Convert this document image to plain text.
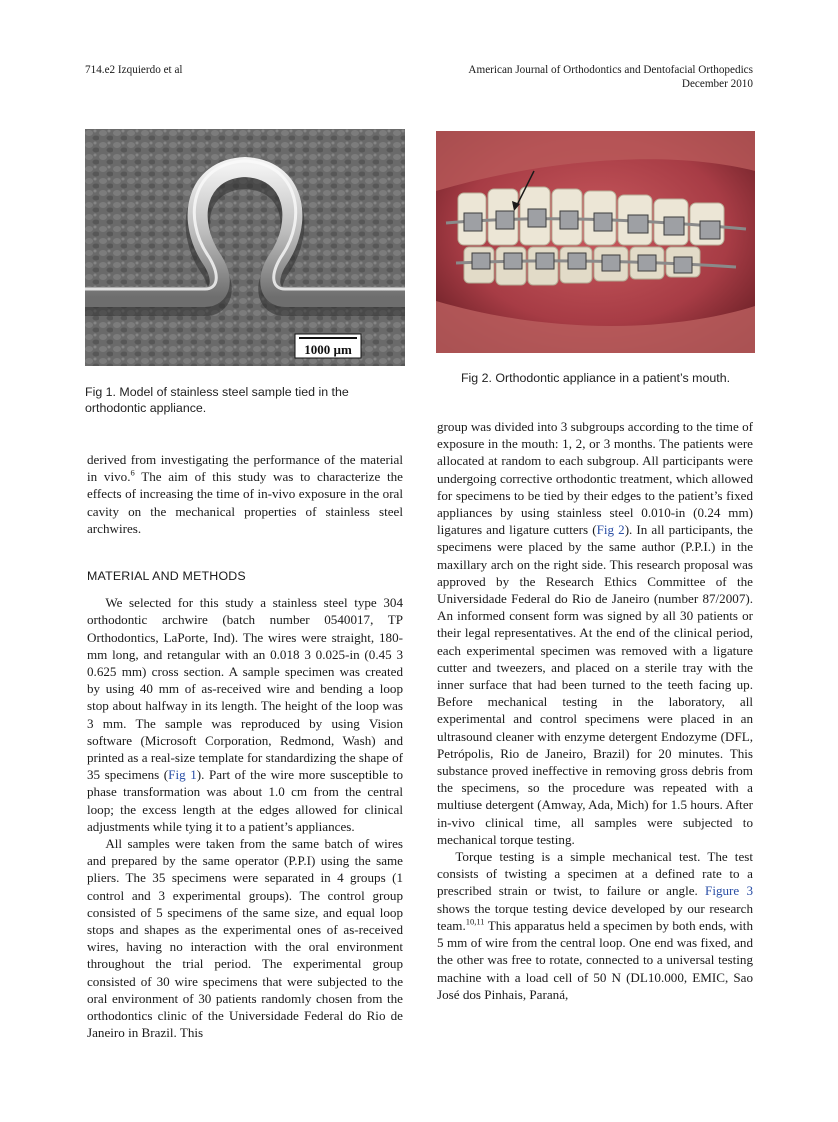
714.e2 Izquierdo et al	American Journal of Orthodontics and Dentofacial Orthopedics
December 2010
1000 µm
Fig 1. Model of stainless steel sample tied in the orthodontic appliance.
Fig 2. Orthodontic appliance in a patient’s mouth.

derived from investigating the performance of the material in vivo.$^6$ The aim of this study was to characterize the effects of increasing the time of in-vivo exposure in the oral cavity on the mechanical properties of stainless steel archwires.

MATERIAL AND METHODS

We selected for this study a stainless steel type 304 orthodontic archwire (batch number 0540017, TP Orthodontics, LaPorte, Ind). The wires were straight, 180-mm long, and retangular with an 0.018 3 0.025-in (0.45 3 0.625 mm) cross section. A sample specimen was created by using 40 mm of as-received wire and bending a loop stop about halfway in its length. The height of the loop was 3 mm. The sample was reproduced by using Vision software (Microsoft Corporation, Redmond, Wash) and printed as a real-size template for standardizing the shape of 35 specimens (Fig 1). Part of the wire more susceptible to phase transformation was about 1.0 cm from the central loop; the excess length at the edges allowed for clinical adjustments while tying it to a patient’s appliances.

All samples were taken from the same batch of wires and prepared by the same operator (P.P.I) using the same pliers. The 35 specimens were separated in 4 groups (1 control and 3 experimental groups). The control group consisted of 5 specimens of the same size, and equal loop stops and shapes as the experimental ones of as-received wires, having no interaction with the oral environment throughout the trial period. The experimental group consisted of 30 wire specimens that were subjected to the oral environment of 30 patients randomly chosen from the orthodontics clinic of the Universidade Federal do Rio de Janeiro in Brazil. This

group was divided into 3 subgroups according to the time of exposure in the mouth: 1, 2, or 3 months. The patients were allocated at random to each subgroup. All participants were undergoing corrective orthodontic treatment, which allowed for specimens to be tied by their edges to the patient’s fixed appliances by using stainless steel 0.010-in (0.24 mm) ligatures and ligature cutters (Fig 2). In all participants, the specimens were placed by the same author (P.P.I.) in the maxillary arch on the right side. This research proposal was approved by the Research Ethics Committee of the Universidade Federal do Rio de Janeiro (number 87/2007). An informed consent form was signed by all 30 patients or their legal representatives. At the end of the clinical period, each experimental specimen was removed with a ligature cutter and tweezers, and placed on a sterile tray with the inner surface that had been turned to the teeth facing up. Before mechanical testing in the laboratory, all experimental and control specimens were placed in an ultrasound cleaner with enzyme detergent Endozyme (DFL, Petrópolis, Rio de Janeiro, Brazil) for 20 minutes. This substance proved ineffective in removing gross debris from the specimens, so the procedure was repeated with a multiuse detergent (Amway, Ada, Mich) for 1.5 hours. After in-vivo clinical time, all samples were subjected to mechanical torque testing.

Torque testing is a simple mechanical test. The test consists of twisting a specimen at a defined rate to a prescribed strain or twist, to failure or angle. Figure 3 shows the torque testing device developed by our research team.$^{10,11}$ This apparatus held a specimen by both ends, with 5 mm of wire from the central loop. One end was fixed, and the other was free to rotate, connected to a universal testing machine with a load cell of 50 N (DL10.000, EMIC, Sao José dos Pinhais, Paraná,
